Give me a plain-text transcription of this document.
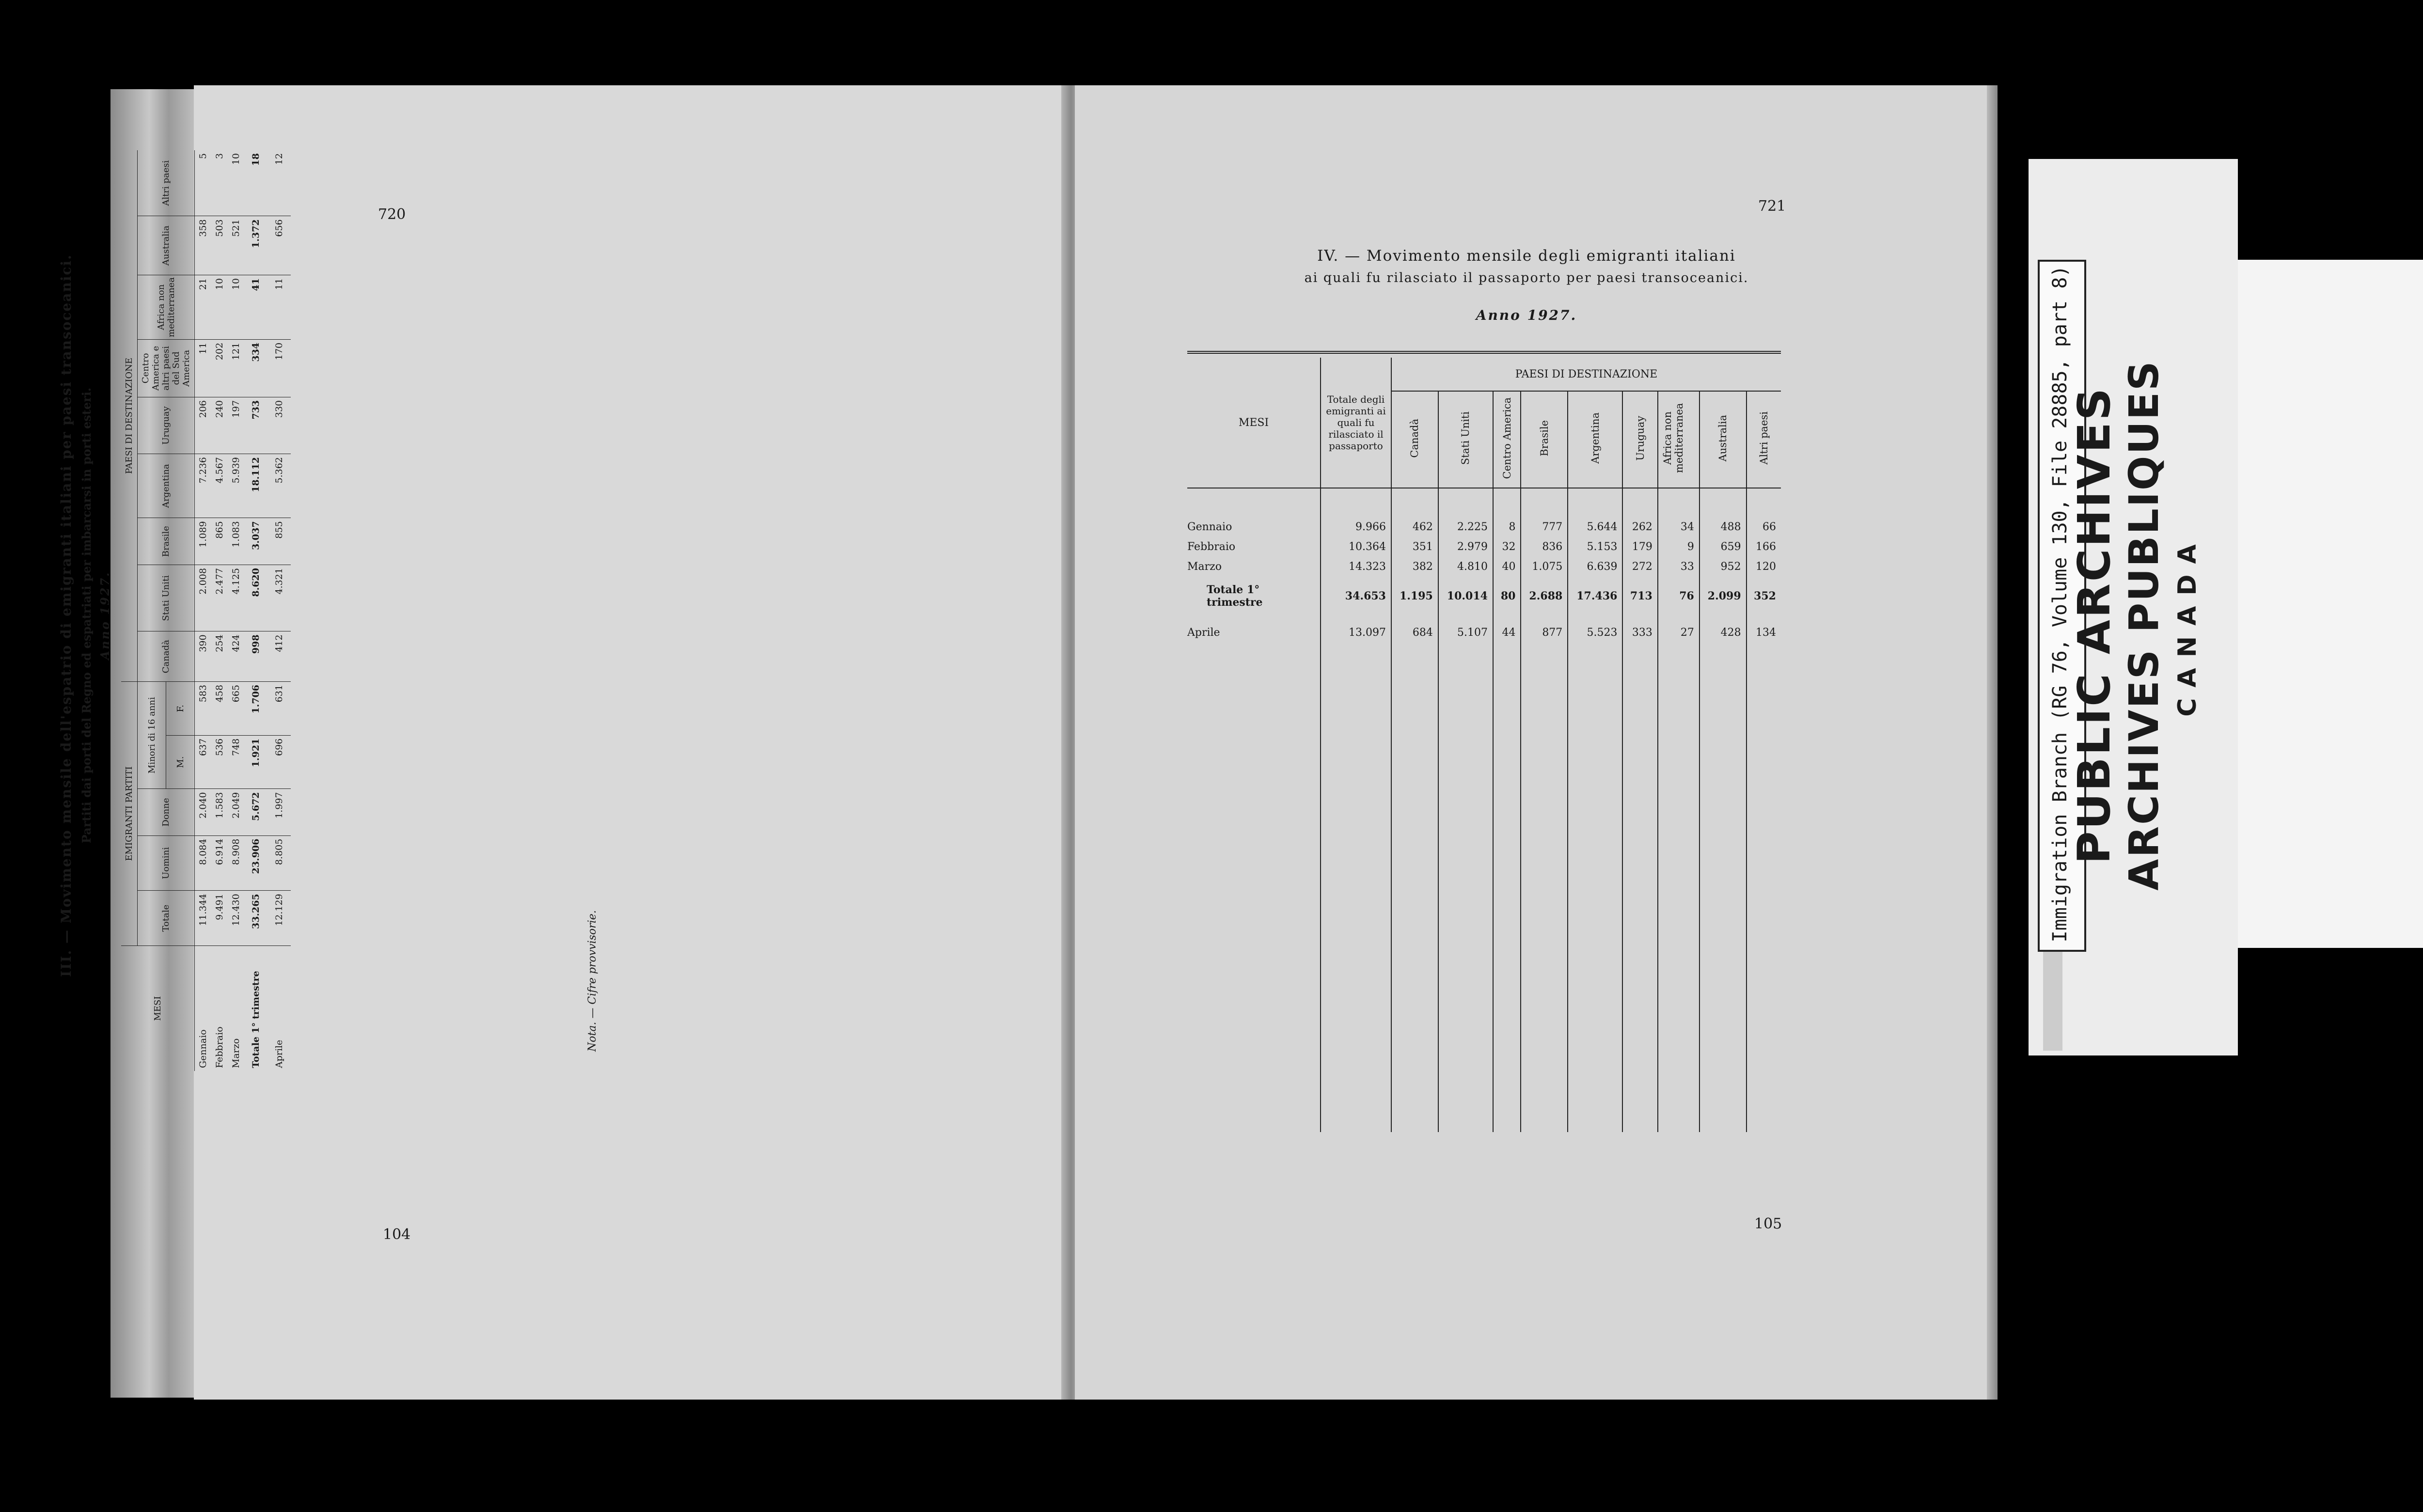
720
104
III. — Movimento mensile dell'espatrio di emigranti italiani per paesi transoceanici. Partiti dai porti del Regno ed espatriati per imbarcarsi in porti esteri. Anno 1927.
MESI	EMIGRANTI PARTITI					PAESI DI DESTINAZIONE								
	Totale	Uomini	Donne	Minori di 16 anni		Canadà	Stati Uniti	Brasile	Argentina	Uruguay	Centro America e altri paesi del Sud America	Africa non mediterranea	Australia	Altri paesi
				M.	F.									
Gennaio	11.344	8.084	2.040	637	583	390	2.008	1.089	7.236	206	11	21	358	5
Febbraio	9.491	6.914	1.583	536	458	254	2.477	865	4.567	240	202	10	503	3
Marzo	12.430	8.908	2.049	748	665	424	4.125	1.083	5.939	197	121	10	521	10
Totale 1° trimestre	33.265	23.906	5.672	1.921	1.706	998	8.620	3.037	18.112	733	334	41	1.372	18
Aprile	12.129	8.805	1.997	696	631	412	4.321	855	5.362	330	170	11	656	12
Nota. — Cifre provvisorie.
721
IV. — Movimento mensile degli emigranti italiani
ai quali fu rilasciato il passaporto per paesi transoceanici.
Anno 1927.
MESI	Totale degli emigranti ai quali fu rilasciato il passaporto	PAESI DI DESTINAZIONE								
		Canadà	Stati Uniti	Centro America	Brasile	Argentina	Uruguay	Africa non mediterranea	Australia	Altri paesi

Gennaio	9.966	462	2.225	8	777	5.644	262	34	488	66
Febbraio	10.364	351	2.979	32	836	5.153	179	9	659	166
Marzo	14.323	382	4.810	40	1.075	6.639	272	33	952	120
Totale 1° trimestre	34.653	1.195	10.014	80	2.688	17.436	713	76	2.099	352
Aprile	13.097	684	5.107	44	877	5.523	333	27	428	134

105
Immigration Branch (RG 76, Volume 130, File 28885, part 8)
PUBLIC ARCHIVES ARCHIVES PUBLIQUES CANADA
